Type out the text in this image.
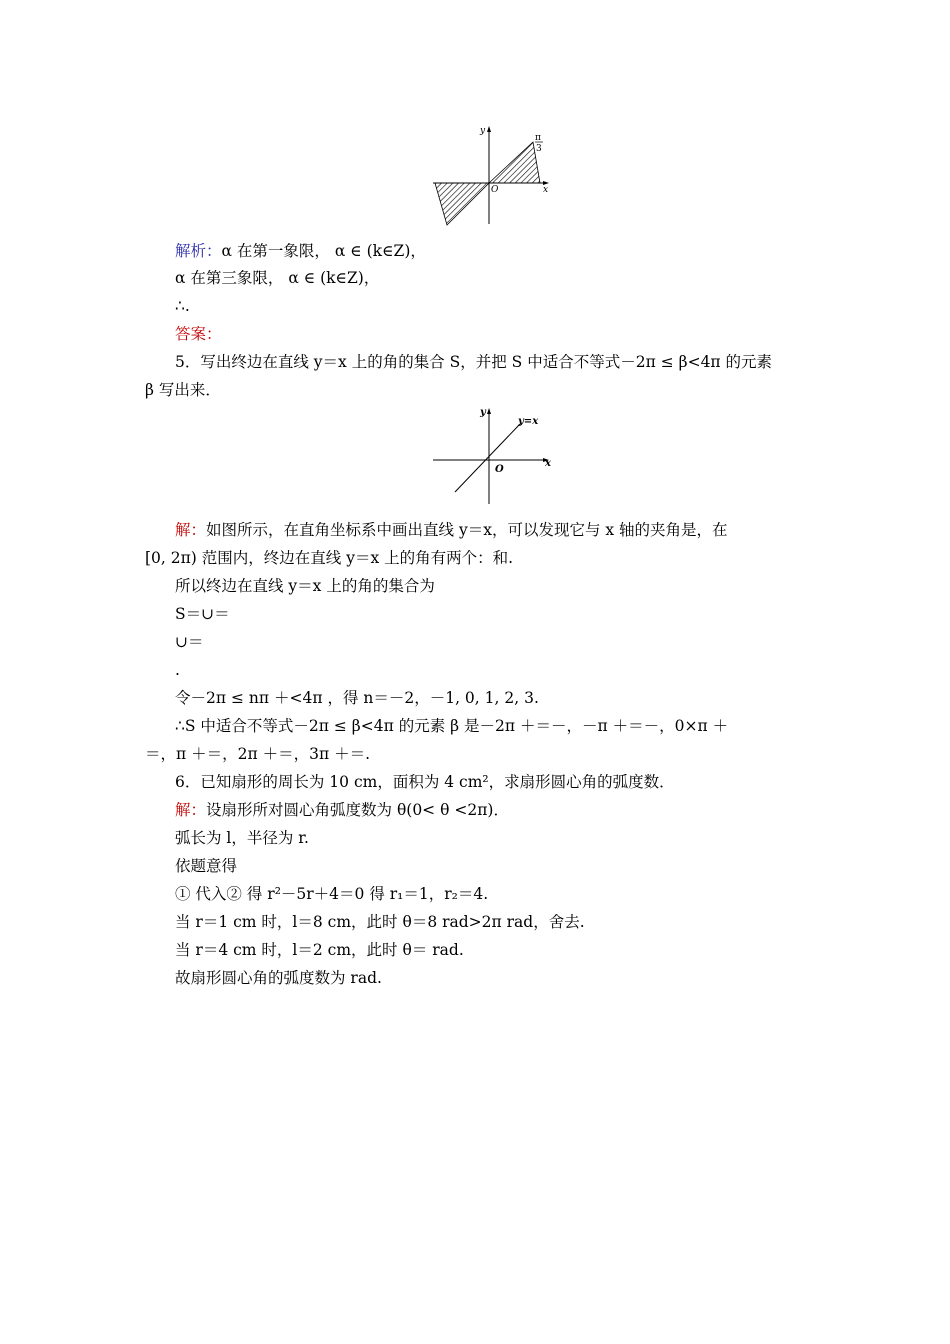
y
x
O
π
3
解析：α 在第一象限， α ∈ (k∈Z)，
α 在第三象限， α ∈ (k∈Z)，
∴.
答案：
5．写出终边在直线 y＝x 上的角的集合 S，并把 S 中适合不等式－2π ≤ β<4π 的元素
β 写出来．
y
y=x
O
x
解：如图所示，在直角坐标系中画出直线 y＝x，可以发现它与 x 轴的夹角是，在
[0, 2π) 范围内，终边在直线 y＝x 上的角有两个：和.
所以终边在直线 y＝x 上的角的集合为
S＝∪＝
∪＝
.
令－2π ≤ nπ ＋<4π ，得 n＝－2，－1, 0, 1, 2, 3.
∴S 中适合不等式－2π ≤ β<4π 的元素 β 是－2π ＋＝－，－π ＋＝－，0×π ＋
＝，π ＋＝，2π ＋＝，3π ＋＝.
6．已知扇形的周长为 10 cm，面积为 4 cm²，求扇形圆心角的弧度数．
解：设扇形所对圆心角弧度数为 θ(0< θ <2π)．
弧长为 l，半径为 r.
依题意得
① 代入② 得 r²－5r＋4＝0 得 r₁＝1，r₂＝4.
当 r＝1 cm 时，l＝8 cm，此时 θ＝8 rad>2π rad，舍去.
当 r＝4 cm 时，l＝2 cm，此时 θ＝ rad.
故扇形圆心角的弧度数为 rad.
